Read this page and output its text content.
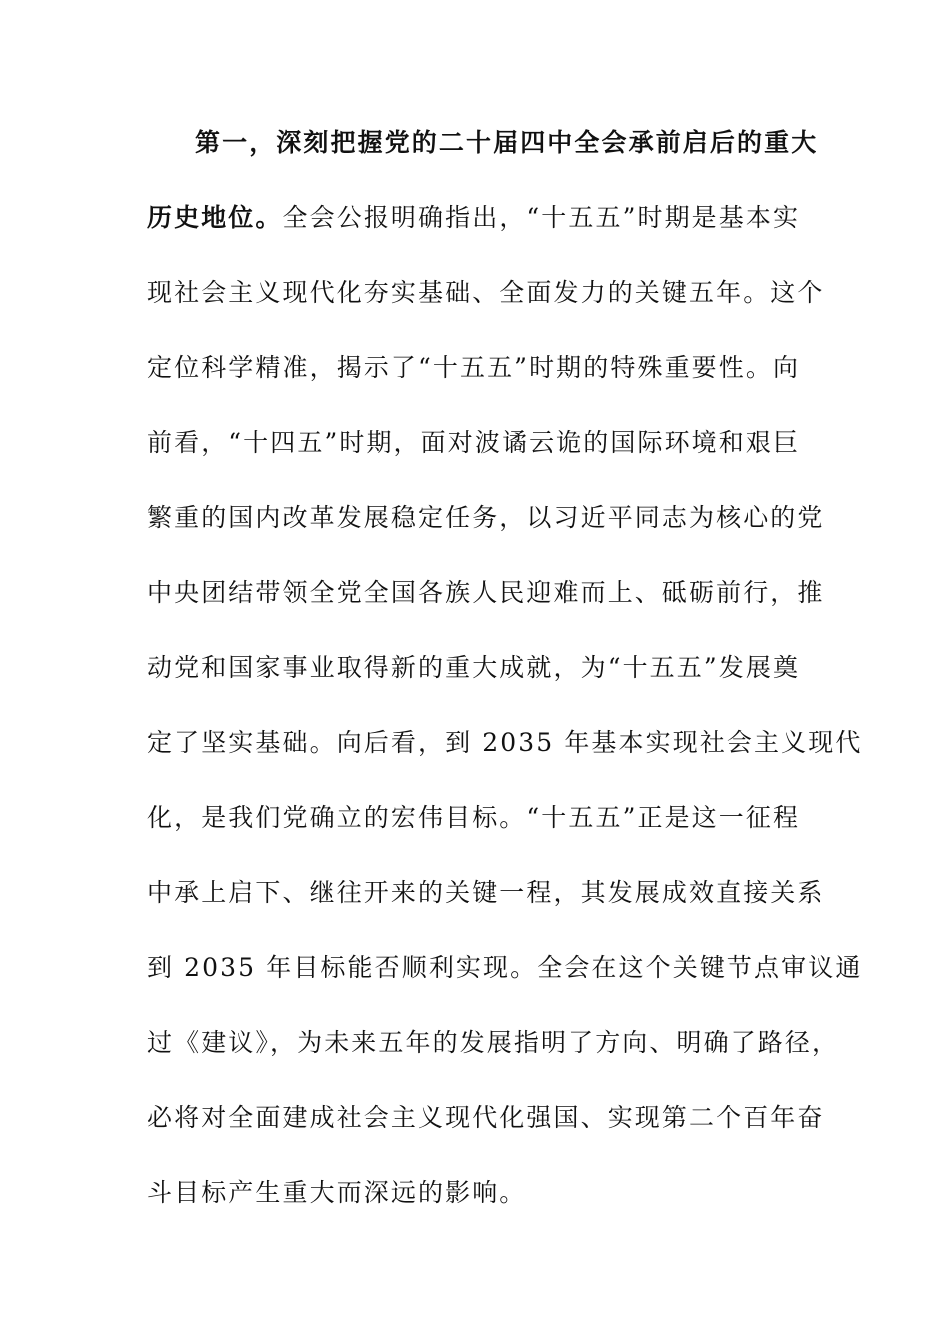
第一，深刻把握党的二十届四中全会承前启后的重大
历史地位。全会公报明确指出，“十五五”时期是基本实
现社会主义现代化夯实基础、全面发力的关键五年。这个
定位科学精准，揭示了“十五五”时期的特殊重要性。向
前看，“十四五”时期，面对波谲云诡的国际环境和艰巨
繁重的国内改革发展稳定任务，以习近平同志为核心的党
中央团结带领全党全国各族人民迎难而上、砥砺前行，推
动党和国家事业取得新的重大成就，为“十五五”发展奠
定了坚实基础。向后看，到 2035 年基本实现社会主义现代
化，是我们党确立的宏伟目标。“十五五”正是这一征程
中承上启下、继往开来的关键一程，其发展成效直接关系
到 2035 年目标能否顺利实现。全会在这个关键节点审议通
过《建议》，为未来五年的发展指明了方向、明确了路径，
必将对全面建成社会主义现代化强国、实现第二个百年奋
斗目标产生重大而深远的影响。
